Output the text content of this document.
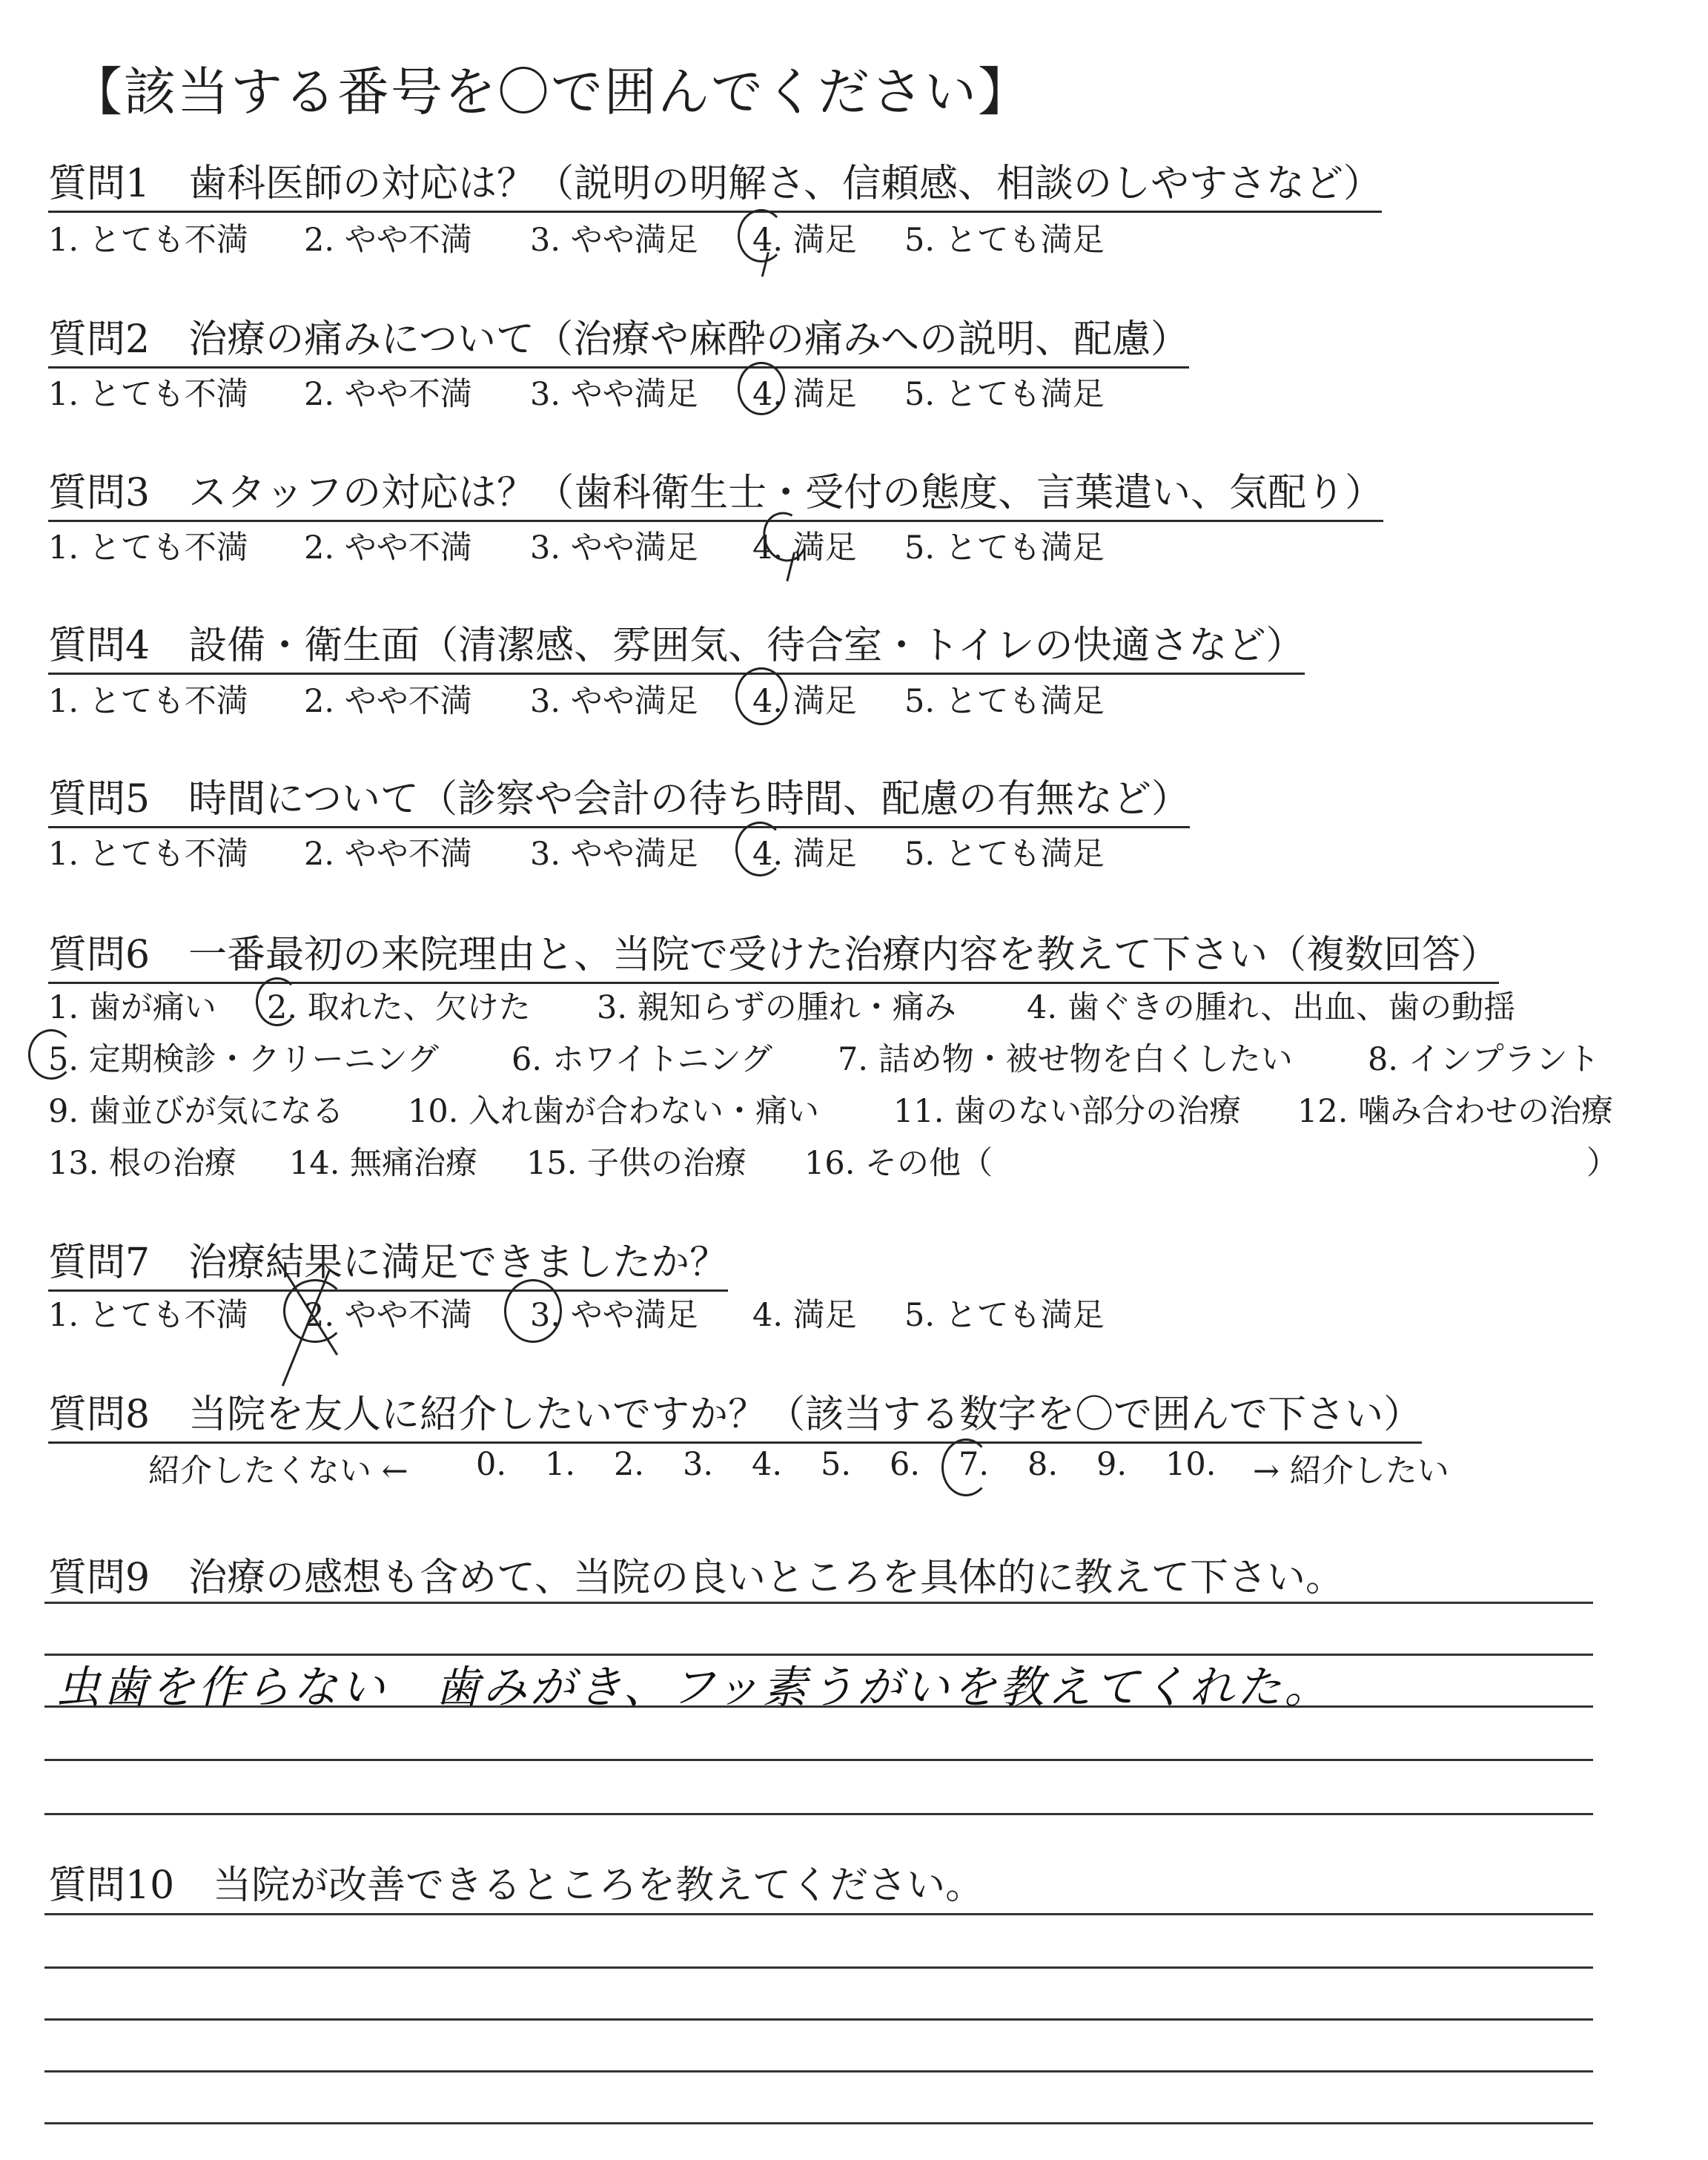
【該当する番号を〇で囲んでください】
質問1　歯科医師の対応は？（説明の明解さ、信頼感、相談のしやすさなど）
1. とても不満 2. やや不満 3. やや満足 4. 満足 5. とても満足
質問2　治療の痛みについて（治療や麻酔の痛みへの説明、配慮）
1. とても不満 2. やや不満 3. やや満足 4. 満足 5. とても満足
質問3　スタッフの対応は？（歯科衛生士・受付の態度、言葉遣い、気配り）
1. とても不満 2. やや不満 3. やや満足 4. 満足 5. とても満足
質問4　設備・衛生面（清潔感、雰囲気、待合室・トイレの快適さなど）
1. とても不満 2. やや不満 3. やや満足 4. 満足 5. とても満足
質問5　時間について（診察や会計の待ち時間、配慮の有無など）
1. とても不満 2. やや不満 3. やや満足 4. 満足 5. とても満足
質問6　一番最初の来院理由と、当院で受けた治療内容を教えて下さい（複数回答）
1. 歯が痛い 2. 取れた、欠けた 3. 親知らずの腫れ・痛み 4. 歯ぐきの腫れ、出血、歯の動揺
5. 定期検診・クリーニング 6. ホワイトニング 7. 詰め物・被せ物を白くしたい 8. インプラント
9. 歯並びが気になる 10. 入れ歯が合わない・痛い 11. 歯のない部分の治療 12. 噛み合わせの治療
13. 根の治療 14. 無痛治療 15. 子供の治療 16. その他（	）
質問7　治療結果に満足できましたか？
1. とても不満 2. やや不満 3. やや満足 4. 満足 5. とても満足
質問8　当院を友人に紹介したいですか？（該当する数字を〇で囲んで下さい）
紹介したくない ← 0. 1. 2. 3. 4. 5. 6. 7. 8. 9. 10. → 紹介したい
質問9　治療の感想も含めて、当院の良いところを具体的に教えて下さい。
虫歯を作らない　歯みがき、フッ素うがいを教えてくれた。
質問10　当院が改善できるところを教えてください。
